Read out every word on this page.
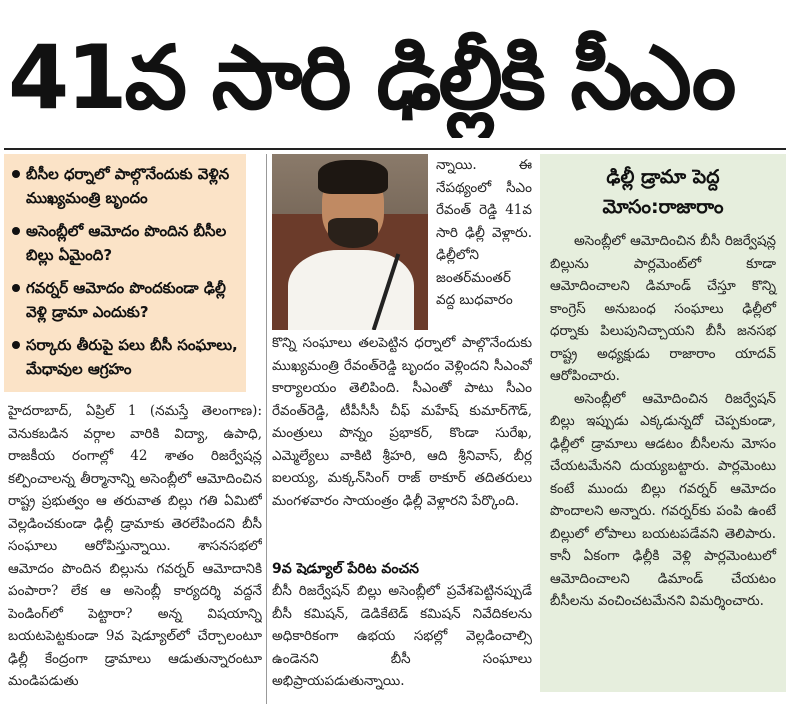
41వ సారి ఢిల్లీకి సీఎం
బీసీల ధర్నాలో పాల్గొనేందుకు వెళ్లిన ముఖ్యమంత్రి బృందం
అసెంబ్లీలో ఆమోదం పొందిన బీసీల బిల్లు ఏమైంది?
గవర్నర్ ఆమోదం పొందకుండా ఢిల్లీ వెళ్లి డ్రామా ఎందుకు?
సర్కారు తీరుపై పలు బీసీ సంఘాలు, మేధావుల ఆగ్రహం

హైదరాబాద్, ఏప్రిల్ 1 (నమస్తే తెలంగాణ): వెనుకబడిన వర్గాల వారికి విద్యా, ఉపాధి, రాజకీయ రంగాల్లో 42 శాతం రిజర్వేషన్ల కల్పించాలన్న తీర్మానాన్ని అసెంబ్లీలో ఆమోదించిన రాష్ట్ర ప్రభుత్వం ఆ తరువాత బిల్లు గతి ఏమిటో వెల్లడించకుండా ఢిల్లీ డ్రామాకు తెరలేపిందని బీసీ సంఘాలు ఆరోపిస్తున్నాయి. శాసనసభలో ఆమోదం పొందిన బిల్లును గవర్నర్ ఆమోదానికి పంపారా? లేక ఆ అసెంబ్లీ కార్యదర్శి వద్దనే పెండింగ్‌లో పెట్టారా? అన్న విషయాన్ని బయటపెట్టకుండా 9వ షెడ్యూల్‌లో చేర్చాలంటూ ఢిల్లీ కేంద్రంగా డ్రామాలు ఆడుతున్నారంటూ మండిపడుతు

న్నాయి. ఈ నేపథ్యంలో సీఎం రేవంత్ రెడ్డి 41వ సారి ఢిల్లీ వెళ్లారు. ఢిల్లీలోని జంతర్‌మంతర్ వద్ద బుధవారం

కొన్ని సంఘాలు తలపెట్టిన ధర్నాలో పాల్గొనేందుకు ముఖ్యమంత్రి రేవంత్‌రెడ్డి బృందం వెళ్లిందని సీఎంవో కార్యాలయం తెలిపింది. సీఎంతో పాటు సీఎం రేవంత్‌రెడ్డి, టీపీసీసీ చీఫ్ మహేష్ కుమార్‌గౌడ్, మంత్రులు పొన్నం ప్రభాకర్, కొండా సురేఖ, ఎమ్మెల్యేలు వాకిటి శ్రీహరి, ఆది శ్రీనివాస్, బీర్ల ఐలయ్య, మక్కన్‌సింగ్ రాజ్ ఠాకూర్ తదితరులు మంగళవారం సాయంత్రం ఢిల్లీ వెళ్లారని పేర్కొంది.

9వ షెడ్యూల్ పేరిట వంచన

బీసీ రిజర్వేషన్ బిల్లు అసెంబ్లీలో ప్రవేశపెట్టినప్పుడే బీసీ కమిషన్, డెడికేటెడ్ కమిషన్ నివేదికలను అధికారికంగా ఉభయ సభల్లో వెల్లడించాల్సి ఉండెనని బీసీ సంఘాలు అభిప్రాయపడుతున్నాయి.

ఢిల్లీ డ్రామా పెద్ద మోసం:రాజారాం

అసెంబ్లీలో ఆమోదించిన బీసీ రిజర్వేషన్ల బిల్లును పార్లమెంట్‌లో కూడా ఆమోదించాలని డిమాండ్ చేస్తూ కొన్ని కాంగ్రెస్ అనుబంధ సంఘాలు ఢిల్లీలో ధర్నాకు పిలుపునిచ్చాయని బీసీ జనసభ రాష్ట్ర అధ్యక్షుడు రాజారాం యాదవ్ ఆరోపించారు.

అసెంబ్లీలో ఆమోదించిన రిజర్వేషన్ బిల్లు ఇప్పుడు ఎక్కడున్నదో చెప్పకుండా, ఢిల్లీలో డ్రామాలు ఆడటం బీసీలను మోసం చేయటమేనని దుయ్యబట్టారు. పార్లమెంటు కంటే ముందు బిల్లు గవర్నర్ ఆమోదం పొందాలని అన్నారు. గవర్నర్‌కు పంపి ఉంటే బిల్లులో లోపాలు బయటపడేవని తెలిపారు. కానీ ఏకంగా ఢిల్లీకి వెళ్లి పార్లమెంటులో ఆమోదించాలని డిమాండ్ చేయటం బీసీలను వంచించటమేనని విమర్శించారు.
